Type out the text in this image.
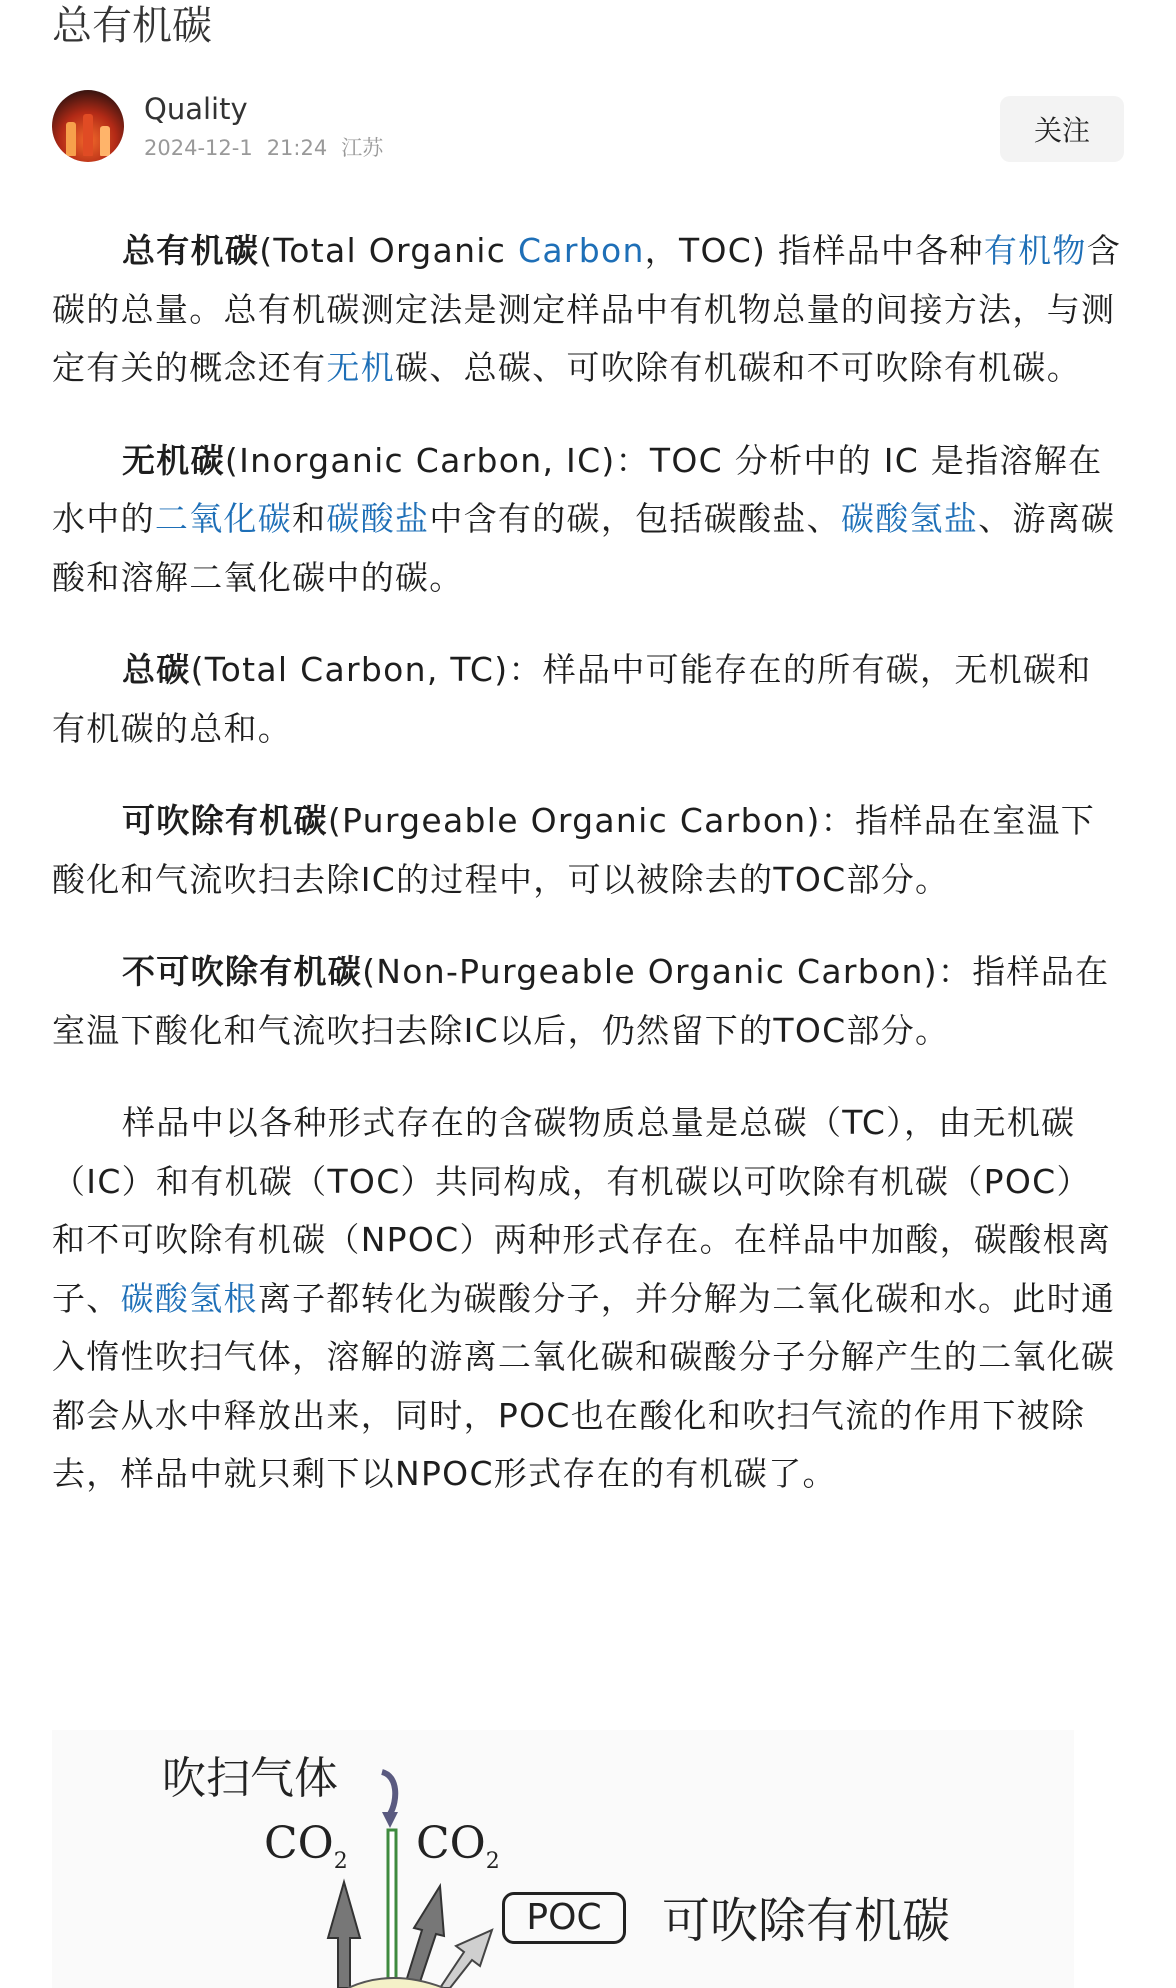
总有机碳
Quality
2024-12-1 21:24 江苏
关注

总有机碳(Total Organic Carbon，TOC) 指样品中各种有机物含碳的总量。总有机碳测定法是测定样品中有机物总量的间接方法，与测定有关的概念还有无机碳、总碳、可吹除有机碳和不可吹除有机碳。

无机碳(Inorganic Carbon, IC)：TOC 分析中的 IC 是指溶解在水中的二氧化碳和碳酸盐中含有的碳，包括碳酸盐、碳酸氢盐、游离碳酸和溶解二氧化碳中的碳。

总碳(Total Carbon, TC)：样品中可能存在的所有碳，无机碳和有机碳的总和。

可吹除有机碳(Purgeable Organic Carbon)：指样品在室温下酸化和气流吹扫去除IC的过程中，可以被除去的TOC部分。

不可吹除有机碳(Non-Purgeable Organic Carbon)：指样品在室温下酸化和气流吹扫去除IC以后，仍然留下的TOC部分。

样品中以各种形式存在的含碳物质总量是总碳（TC），由无机碳（IC）和有机碳（TOC）共同构成，有机碳以可吹除有机碳（POC）和不可吹除有机碳（NPOC）两种形式存在。在样品中加酸，碳酸根离子、碳酸氢根离子都转化为碳酸分子，并分解为二氧化碳和水。此时通入惰性吹扫气体，溶解的游离二氧化碳和碳酸分子分解产生的二氧化碳都会从水中释放出来，同时，POC也在酸化和吹扫气流的作用下被除去，样品中就只剩下以NPOC形式存在的有机碳了。

吹扫气体
$CO_2$ $CO_2$
POC	可吹除有机碳
